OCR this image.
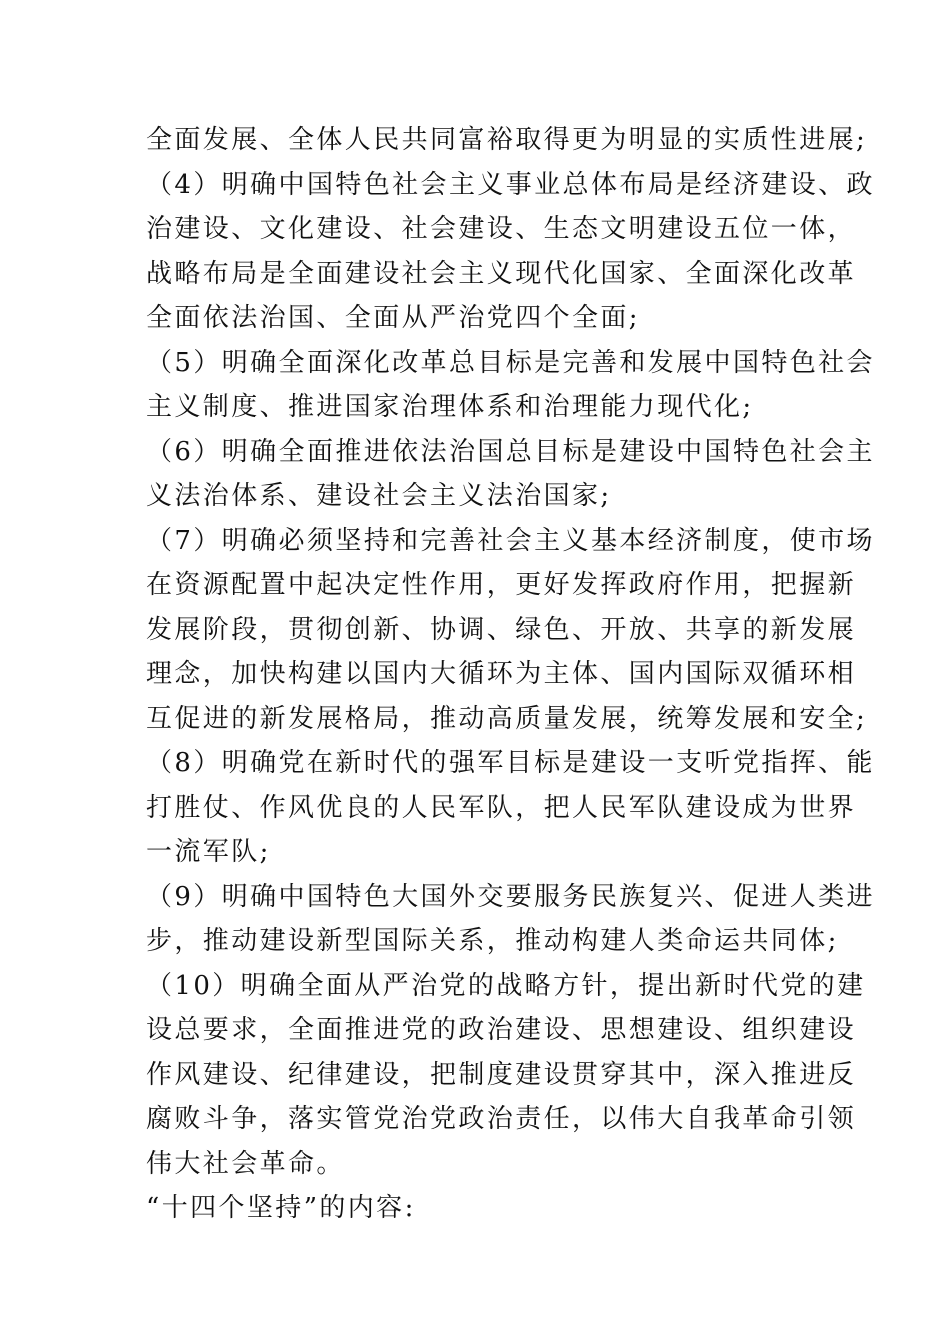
全面发展、全体人民共同富裕取得更为明显的实质性进展;
（4）明确中国特色社会主义事业总体布局是经济建设、政
治建设、文化建设、社会建设、生态文明建设五位一体，
战略布局是全面建设社会主义现代化国家、全面深化改革
全面依法治国、全面从严治党四个全面;
（5）明确全面深化改革总目标是完善和发展中国特色社会
主义制度、推进国家治理体系和治理能力现代化;
（6）明确全面推进依法治国总目标是建设中国特色社会主
义法治体系、建设社会主义法治国家;
（7）明确必须坚持和完善社会主义基本经济制度，使市场
在资源配置中起决定性作用，更好发挥政府作用，把握新
发展阶段，贯彻创新、协调、绿色、开放、共享的新发展
理念，加快构建以国内大循环为主体、国内国际双循环相
互促进的新发展格局，推动高质量发展，统筹发展和安全;
（8）明确党在新时代的强军目标是建设一支听党指挥、能
打胜仗、作风优良的人民军队，把人民军队建设成为世界
一流军队;
（9）明确中国特色大国外交要服务民族复兴、促进人类进
步，推动建设新型国际关系，推动构建人类命运共同体;
（10）明确全面从严治党的战略方针，提出新时代党的建
设总要求，全面推进党的政治建设、思想建设、组织建设
作风建设、纪律建设，把制度建设贯穿其中，深入推进反
腐败斗争，落实管党治党政治责任，以伟大自我革命引领
伟大社会革命。
“十四个坚持”的内容:
